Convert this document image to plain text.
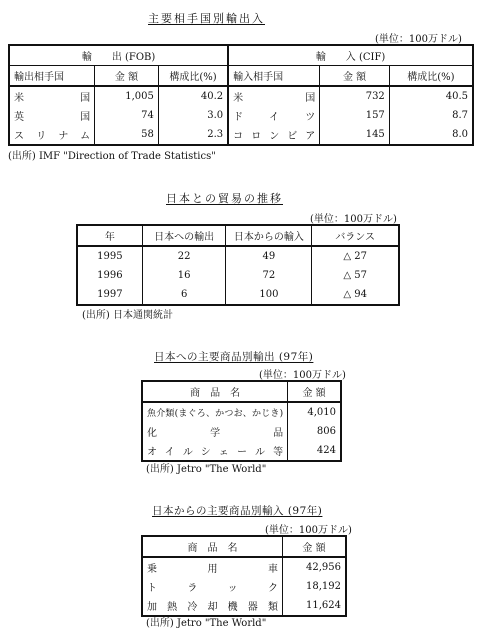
主要相手国別輸出入
(単位：100万ドル)
輸　　出 (FOB)			輸　　入 (CIF)		
輸出相手国	金 額	構成比(%)	輸入相手国	金 額	構成比(%)
米　　国	1,005	40.2	米　　国	732	40.5
英　　国	74	3.0	ドイツ	157	8.7
スリナム	58	2.3	コロンビア	145	8.0
(出所) IMF "Direction of Trade Statistics"
日本との貿易の推移
(単位：100万ドル)
年	日本への輸出	日本からの輸入	バランス
1995	22	49	△ 27
1996	16	72	△ 57
1997	6	100	△ 94
(出所) 日本通関統計
日本への主要商品別輸出 (97年)
(単位：100万ドル)
商　品　名	金 額
魚介類(まぐろ、かつお、かじき)	4,010
化学品	806
オイルシェール等	424
(出所) Jetro "The World"
日本からの主要商品別輸入 (97年)
(単位：100万ドル)
商　品　名	金 額
乗用車	42,956
トラック	18,192
加熱冷却機器類	11,624
(出所) Jetro "The World"
